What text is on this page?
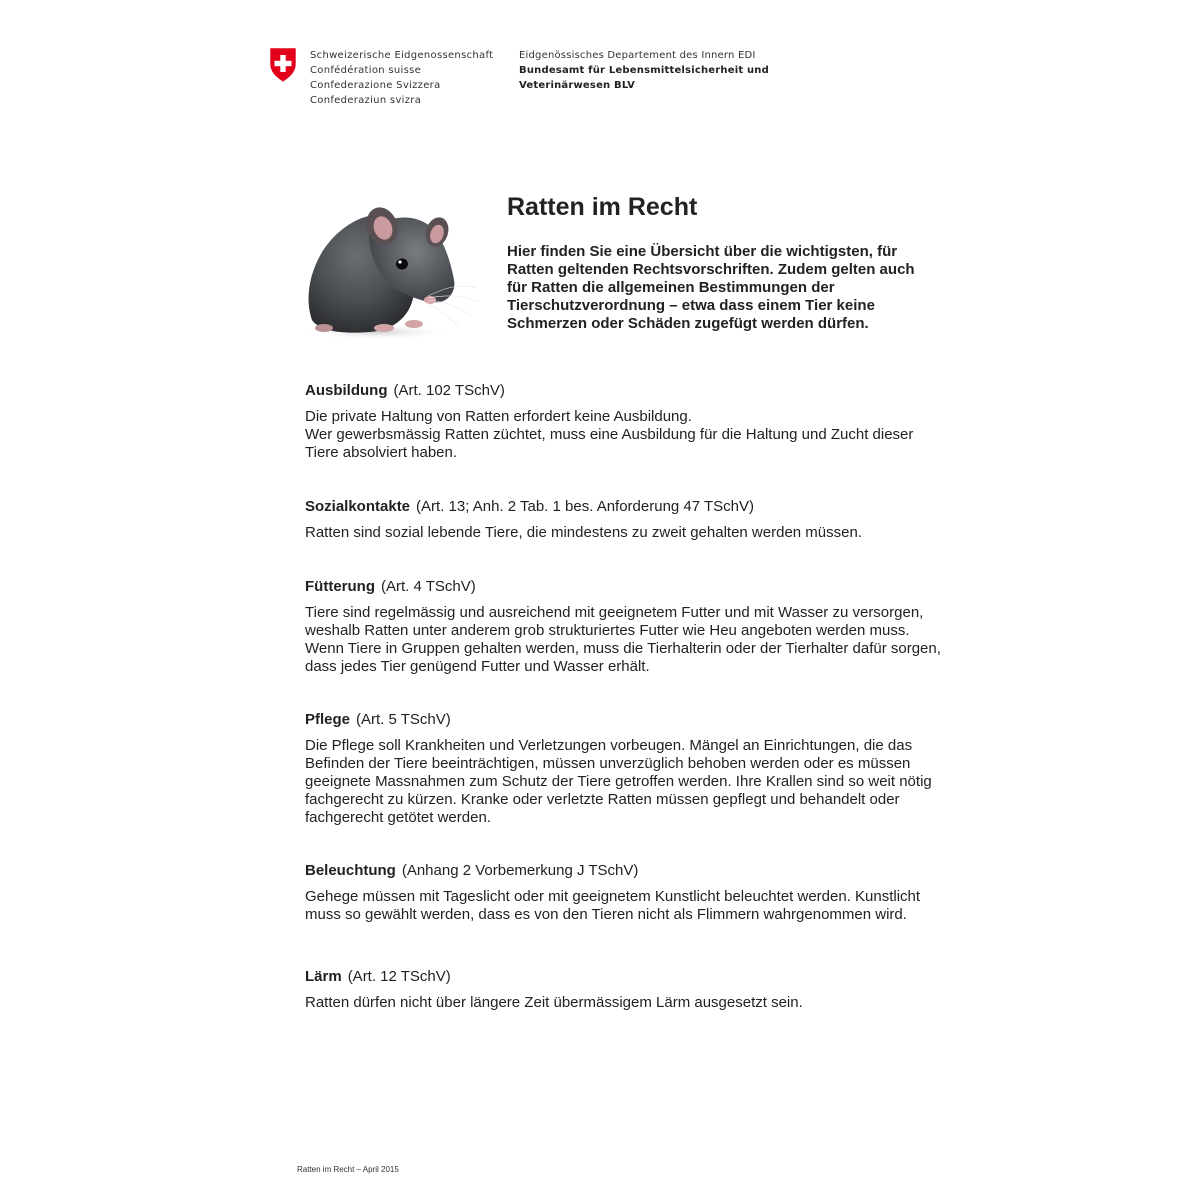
Schweizerische Eidgenossenschaft
Confédération suisse
Confederazione Svizzera
Confederaziun svizra
Eidgenössisches Departement des Innern EDI
Bundesamt für Lebensmittelsicherheit und
Veterinärwesen BLV
Ratten im Recht

Hier finden Sie eine Übersicht über die wichtigsten, für Ratten geltenden Rechtsvorschriften. Zudem gelten auch für Ratten die allgemeinen Bestimmungen der Tierschutzverordnung – etwa dass einem Tier keine Schmerzen oder Schäden zugefügt werden dürfen.

Ausbildung (Art. 102 TSchV)

Die private Haltung von Ratten erfordert keine Ausbildung.

Wer gewerbsmässig Ratten züchtet, muss eine Ausbildung für die Haltung und Zucht dieser Tiere absolviert haben.

Sozialkontakte (Art. 13; Anh. 2 Tab. 1 bes. Anforderung 47 TSchV)

Ratten sind sozial lebende Tiere, die mindestens zu zweit gehalten werden müssen.

Fütterung (Art. 4 TSchV)

Tiere sind regelmässig und ausreichend mit geeignetem Futter und mit Wasser zu versorgen, weshalb Ratten unter anderem grob strukturiertes Futter wie Heu angeboten werden muss. Wenn Tiere in Gruppen gehalten werden, muss die Tierhalterin oder der Tierhalter dafür sorgen, dass jedes Tier genügend Futter und Wasser erhält.

Pflege (Art. 5 TSchV)

Die Pflege soll Krankheiten und Verletzungen vorbeugen. Mängel an Einrichtungen, die das Befinden der Tiere beeinträchtigen, müssen unverzüglich behoben werden oder es müssen geeignete Massnahmen zum Schutz der Tiere getroffen werden. Ihre Krallen sind so weit nötig fachgerecht zu kürzen. Kranke oder verletzte Ratten müssen gepflegt und behandelt oder fachgerecht getötet werden.

Beleuchtung (Anhang 2 Vorbemerkung J TSchV)

Gehege müssen mit Tageslicht oder mit geeignetem Kunstlicht beleuchtet werden. Kunstlicht muss so gewählt werden, dass es von den Tieren nicht als Flimmern wahrgenommen wird.

Lärm (Art. 12 TSchV)

Ratten dürfen nicht über längere Zeit übermässigem Lärm ausgesetzt sein.

Ratten im Recht – April 2015
